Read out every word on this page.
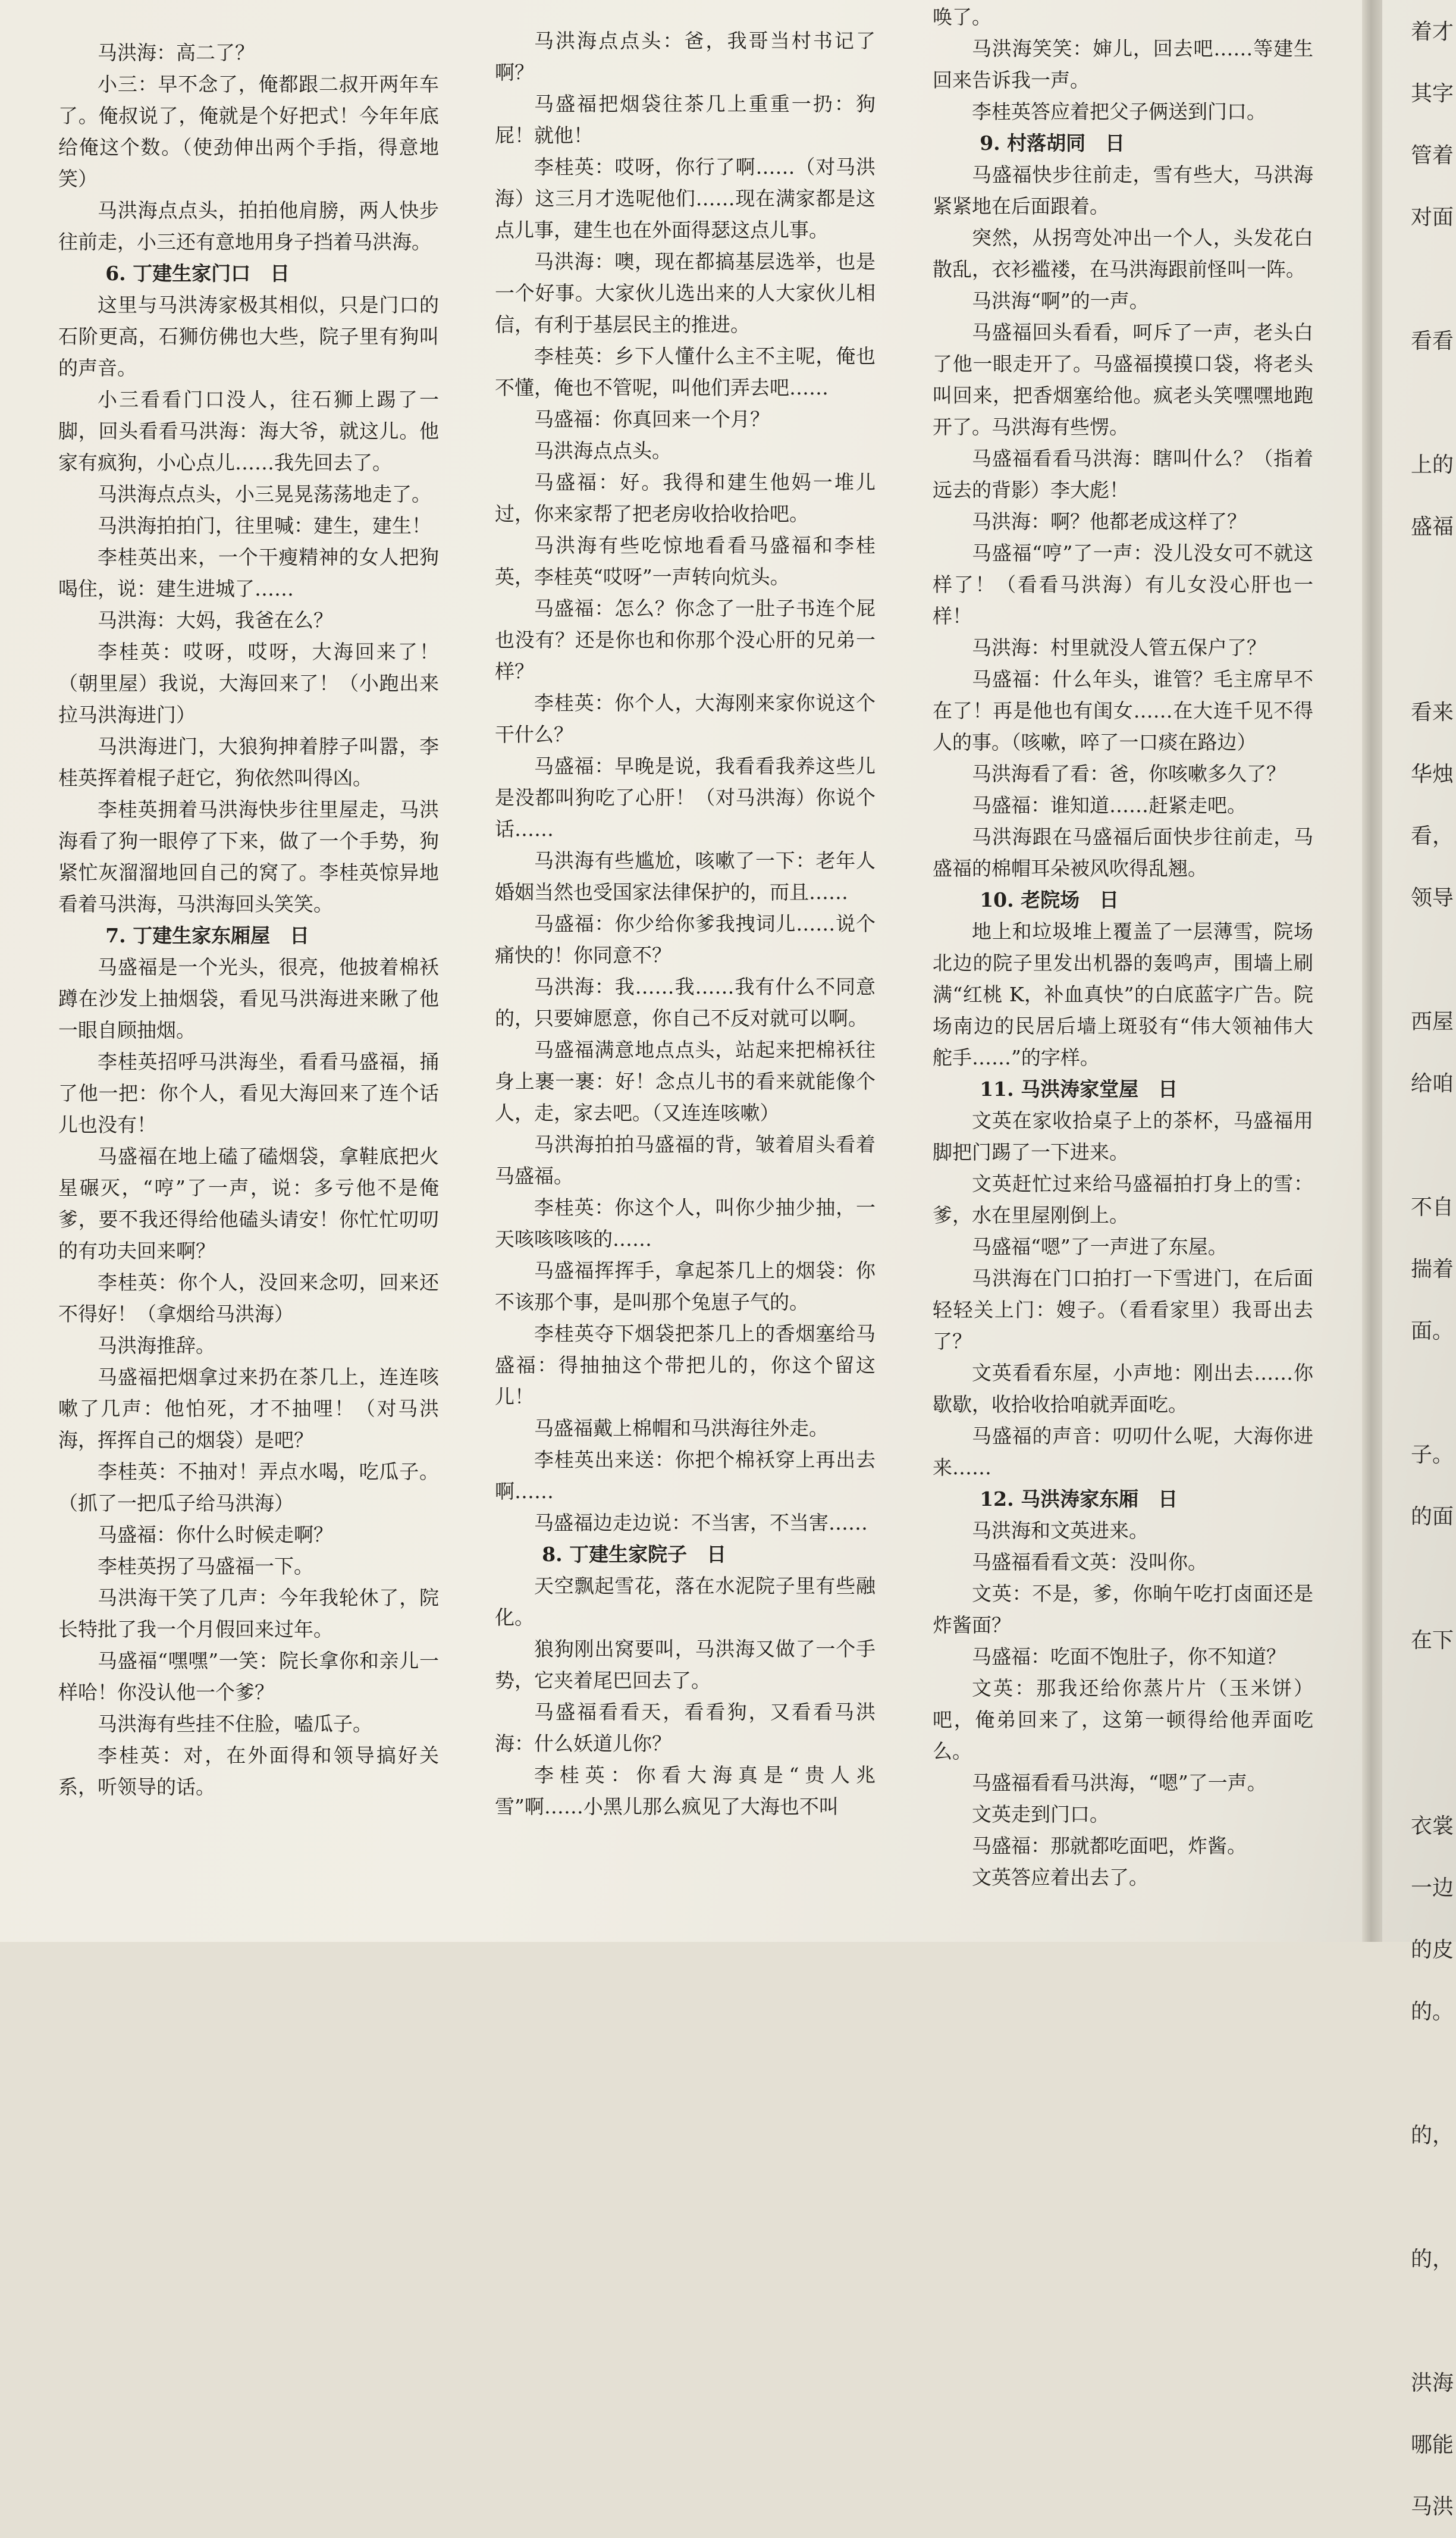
马洪海：高二了？

小三：早不念了，俺都跟二叔开两年车了。俺叔说了，俺就是个好把式！今年年底给俺这个数。（使劲伸出两个手指，得意地笑）

马洪海点点头，拍拍他肩膀，两人快步往前走，小三还有意地用身子挡着马洪海。

6. 丁建生家门口　日

这里与马洪涛家极其相似，只是门口的石阶更高，石狮仿佛也大些，院子里有狗叫的声音。

小三看看门口没人，往石狮上踢了一脚，回头看看马洪海：海大爷，就这儿。他家有疯狗，小心点儿……我先回去了。

马洪海点点头，小三晃晃荡荡地走了。

马洪海拍拍门，往里喊：建生，建生！

李桂英出来，一个干瘦精神的女人把狗喝住，说：建生进城了……

马洪海：大妈，我爸在么？

李桂英：哎呀，哎呀，大海回来了！（朝里屋）我说，大海回来了！（小跑出来拉马洪海进门）

马洪海进门，大狼狗抻着脖子叫嚣，李桂英挥着棍子赶它，狗依然叫得凶。

李桂英拥着马洪海快步往里屋走，马洪海看了狗一眼停了下来，做了一个手势，狗紧忙灰溜溜地回自己的窝了。李桂英惊异地看着马洪海，马洪海回头笑笑。

7. 丁建生家东厢屋　日

马盛福是一个光头，很亮，他披着棉袄蹲在沙发上抽烟袋，看见马洪海进来瞅了他一眼自顾抽烟。

李桂英招呼马洪海坐，看看马盛福，捅了他一把：你个人，看见大海回来了连个话儿也没有！

马盛福在地上磕了磕烟袋，拿鞋底把火星碾灭，“哼”了一声，说：多亏他不是俺爹，要不我还得给他磕头请安！你忙忙叨叨的有功夫回来啊？

李桂英：你个人，没回来念叨，回来还不得好！（拿烟给马洪海）

马洪海推辞。

马盛福把烟拿过来扔在茶几上，连连咳嗽了几声：他怕死，才不抽哩！（对马洪海，挥挥自己的烟袋）是吧？

李桂英：不抽对！弄点水喝，吃瓜子。（抓了一把瓜子给马洪海）

马盛福：你什么时候走啊？

李桂英拐了马盛福一下。

马洪海干笑了几声：今年我轮休了，院长特批了我一个月假回来过年。

马盛福“嘿嘿”一笑：院长拿你和亲儿一样哈！你没认他一个爹？

马洪海有些挂不住脸，嗑瓜子。

李桂英：对，在外面得和领导搞好关系，听领导的话。

马洪海点点头：爸，我哥当村书记了啊？

马盛福把烟袋往茶几上重重一扔：狗屁！就他！

李桂英：哎呀，你行了啊……（对马洪海）这三月才选呢他们……现在满家都是这点儿事，建生也在外面得瑟这点儿事。

马洪海：噢，现在都搞基层选举，也是一个好事。大家伙儿选出来的人大家伙儿相信，有利于基层民主的推进。

李桂英：乡下人懂什么主不主呢，俺也不懂，俺也不管呢，叫他们弄去吧……

马盛福：你真回来一个月？

马洪海点点头。

马盛福：好。我得和建生他妈一堆儿过，你来家帮了把老房收拾收拾吧。

马洪海有些吃惊地看看马盛福和李桂英，李桂英“哎呀”一声转向炕头。

马盛福：怎么？你念了一肚子书连个屁也没有？还是你也和你那个没心肝的兄弟一样？

李桂英：你个人，大海刚来家你说这个干什么？

马盛福：早晚是说，我看看我养这些儿是没都叫狗吃了心肝！（对马洪海）你说个话……

马洪海有些尴尬，咳嗽了一下：老年人婚姻当然也受国家法律保护的，而且……

马盛福：你少给你爹我拽词儿……说个痛快的！你同意不？

马洪海：我……我……我有什么不同意的，只要婶愿意，你自己不反对就可以啊。

马盛福满意地点点头，站起来把棉袄往身上裹一裹：好！念点儿书的看来就能像个人，走，家去吧。（又连连咳嗽）

马洪海拍拍马盛福的背，皱着眉头看着马盛福。

李桂英：你这个人，叫你少抽少抽，一天咳咳咳咳的……

马盛福挥挥手，拿起茶几上的烟袋：你不该那个事，是叫那个兔崽子气的。

李桂英夺下烟袋把茶几上的香烟塞给马盛福：得抽抽这个带把儿的，你这个留这儿！

马盛福戴上棉帽和马洪海往外走。

李桂英出来送：你把个棉袄穿上再出去啊……

马盛福边走边说：不当害，不当害……

8. 丁建生家院子　日

天空飘起雪花，落在水泥院子里有些融化。

狼狗刚出窝要叫，马洪海又做了一个手势，它夹着尾巴回去了。

马盛福看看天，看看狗，又看看马洪海：什么妖道儿你？

李桂英：你看大海真是“贵人兆雪”啊……小黑儿那么疯见了大海也不叫

唤了。

马洪海笑笑：婶儿，回去吧……等建生回来告诉我一声。

李桂英答应着把父子俩送到门口。

9. 村落胡同　日

马盛福快步往前走，雪有些大，马洪海紧紧地在后面跟着。

突然，从拐弯处冲出一个人，头发花白散乱，衣衫褴褛，在马洪海跟前怪叫一阵。

马洪海“啊”的一声。

马盛福回头看看，呵斥了一声，老头白了他一眼走开了。马盛福摸摸口袋，将老头叫回来，把香烟塞给他。疯老头笑嘿嘿地跑开了。马洪海有些愣。

马盛福看看马洪海：瞎叫什么？（指着远去的背影）李大彪！

马洪海：啊？他都老成这样了？

马盛福“哼”了一声：没儿没女可不就这样了！（看看马洪海）有儿女没心肝也一样！

马洪海：村里就没人管五保户了？

马盛福：什么年头，谁管？毛主席早不在了！再是他也有闺女……在大连千见不得人的事。（咳嗽，啐了一口痰在路边）

马洪海看了看：爸，你咳嗽多久了？

马盛福：谁知道……赶紧走吧。

马洪海跟在马盛福后面快步往前走，马盛福的棉帽耳朵被风吹得乱翘。

10. 老院场　日

地上和垃圾堆上覆盖了一层薄雪，院场北边的院子里发出机器的轰鸣声，围墙上刷满“红桃 K，补血真快”的白底蓝字广告。院场南边的民居后墙上斑驳有“伟大领袖伟大舵手……”的字样。

11. 马洪涛家堂屋　日

文英在家收拾桌子上的茶杯，马盛福用脚把门踢了一下进来。

文英赶忙过来给马盛福拍打身上的雪：爹，水在里屋刚倒上。

马盛福“嗯”了一声进了东屋。

马洪海在门口拍打一下雪进门，在后面轻轻关上门：嫂子。（看看家里）我哥出去了？

文英看看东屋，小声地：刚出去……你歇歇，收拾收拾咱就弄面吃。

马盛福的声音：叨叨什么呢，大海你进来……

12. 马洪涛家东厢　日

马洪海和文英进来。

马盛福看看文英：没叫你。

文英：不是，爹，你晌午吃打卤面还是炸酱面？

马盛福：吃面不饱肚子，你不知道？

文英：那我还给你蒸片片（玉米饼）吧，俺弟回来了，这第一顿得给他弄面吃么。

马盛福看看马洪海，“嗯”了一声。

文英走到门口。

马盛福：那就都吃面吧，炸酱。

文英答应着出去了。

着才

其字

管着

对面

看看

上的

盛福

看来

华烛

看，

领导

西屋

给咱

不自

揣着

面。

子。

的面

在下

衣裳

一边

的皮

的。

的，

的，

洪海

哪能

马洪
